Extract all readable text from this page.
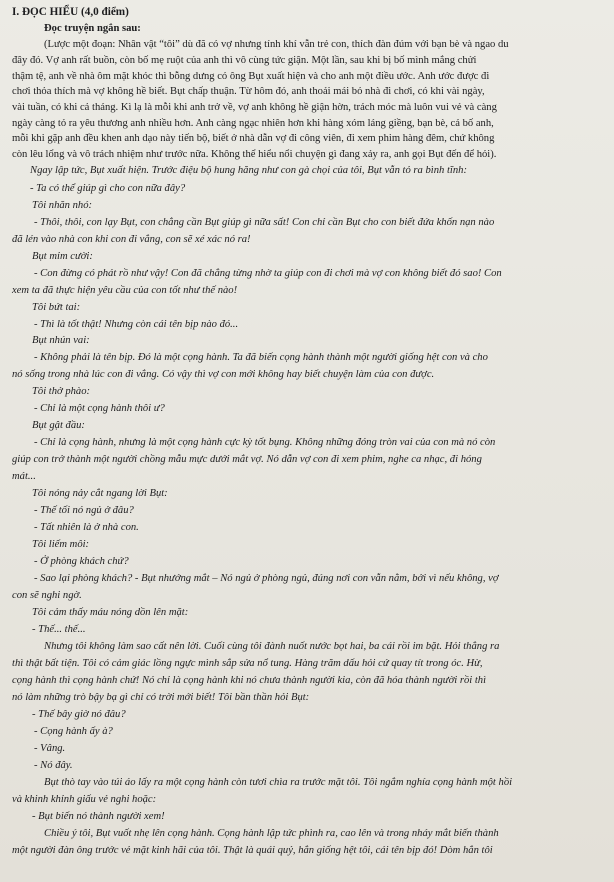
I. ĐỌC HIỂU (4,0 điểm)
Đọc truyện ngắn sau:
(Lược một đoạn: Nhân vật “tôi” dù đã có vợ nhưng tính khí vẫn trẻ con, thích đàn đúm với bạn bè và ngao du
đây đó. Vợ anh rất buồn, còn bố mẹ ruột của anh thì vô cùng tức giận. Một lần, sau khi bị bố mình mắng chửi
thậm tệ, anh về nhà ôm mặt khóc thì bỗng dưng có ông Bụt xuất hiện và cho anh một điều ước. Anh ước được đi
chơi thỏa thích mà vợ không hề biết. Bụt chấp thuận. Từ hôm đó, anh thoải mái bỏ nhà đi chơi, có khi vài ngày,
vài tuần, có khi cả tháng. Kì lạ là mỗi khi anh trở về, vợ anh không hề giận hờn, trách móc mà luôn vui vẻ và càng
ngày càng tỏ ra yêu thương anh nhiều hơn. Anh càng ngạc nhiên hơn khi hàng xóm láng giềng, bạn bè, cả bố anh,
mỗi khi gặp anh đều khen anh dạo này tiến bộ, biết ở nhà dẫn vợ đi công viên, đi xem phim hàng đêm, chứ không
còn lêu lổng và vô trách nhiệm như trước nữa. Không thể hiểu nổi chuyện gì đang xảy ra, anh gọi Bụt đến để hỏi).
Ngay lập tức, Bụt xuất hiện. Trước điệu bộ hung hăng như con gà chọi của tôi, Bụt vẫn tỏ ra bình tĩnh:
- Ta có thể giúp gì cho con nữa đây?
Tôi nhăn nhó:
- Thôi, thôi, con lạy Bụt, con chẳng cần Bụt giúp gì nữa sất! Con chỉ cần Bụt cho con biết đứa khốn nạn nào
đã lén vào nhà con khi con đi vắng, con sẽ xé xác nó ra!
Bụt mỉm cười:
- Con đừng có phát rồ như vậy! Con đã chẳng từng nhờ ta giúp con đi chơi mà vợ con không biết đó sao! Con
xem ta đã thực hiện yêu cầu của con tốt như thế nào!
Tôi bứt tai:
- Thì là tốt thật! Nhưng còn cái tên bịp nào đó...
Bụt nhún vai:
- Không phải là tên bịp. Đó là một cọng hành. Ta đã biến cọng hành thành một người giống hệt con và cho
nó sống trong nhà lúc con đi vắng. Có vậy thì vợ con mới không hay biết chuyện làm của con được.
Tôi thở phào:
- Chỉ là một cọng hành thôi ư?
Bụt gật đầu:
- Chỉ là cọng hành, nhưng là một cọng hành cực kỳ tốt bụng. Không những đóng tròn vai của con mà nó còn
giúp con trở thành một người chồng mẫu mực dưới mắt vợ. Nó dẫn vợ con đi xem phim, nghe ca nhạc, đi hóng
mát...
Tôi nóng nảy cắt ngang lời Bụt:
- Thế tối nó ngủ ở đâu?
- Tất nhiên là ở nhà con.
Tôi liếm môi:
- Ở phòng khách chứ?
- Sao lại phòng khách? - Bụt nhướng mắt – Nó ngủ ở phòng ngủ, đúng nơi con vẫn nằm, bởi vì nếu không, vợ
con sẽ nghi ngờ.
Tôi cảm thấy máu nóng dồn lên mặt:
- Thế... thế...
Nhưng tôi không làm sao cất nên lời. Cuối cùng tôi đành nuốt nước bọt hai, ba cái rồi im bặt. Hỏi thẳng ra
thì thật bất tiện. Tôi có cảm giác lồng ngực mình sắp sửa nổ tung. Hàng trăm dấu hỏi cứ quay tít trong óc. Hừ,
cọng hành thì cọng hành chứ! Nó chỉ là cọng hành khi nó chưa thành người kia, còn đã hóa thành người rồi thì
nó làm những trò bậy bạ gì chỉ có trời mới biết! Tôi bần thần hỏi Bụt:
- Thế bây giờ nó đâu?
- Cọng hành ấy à?
- Vâng.
- Nó đây.
Bụt thò tay vào túi áo lấy ra một cọng hành còn tươi chìa ra trước mặt tôi. Tôi ngắm nghía cọng hành một hồi
và khinh khỉnh giấu vẻ nghi hoặc:
- Bụt biến nó thành người xem!
Chiều ý tôi, Bụt vuốt nhẹ lên cọng hành. Cọng hành lập tức phình ra, cao lên và trong nháy mắt biến thành
một người đàn ông trước vẻ mặt kinh hãi của tôi. Thật là quái quỷ, hắn giống hệt tôi, cái tên bịp đó! Dòm hắn tôi
